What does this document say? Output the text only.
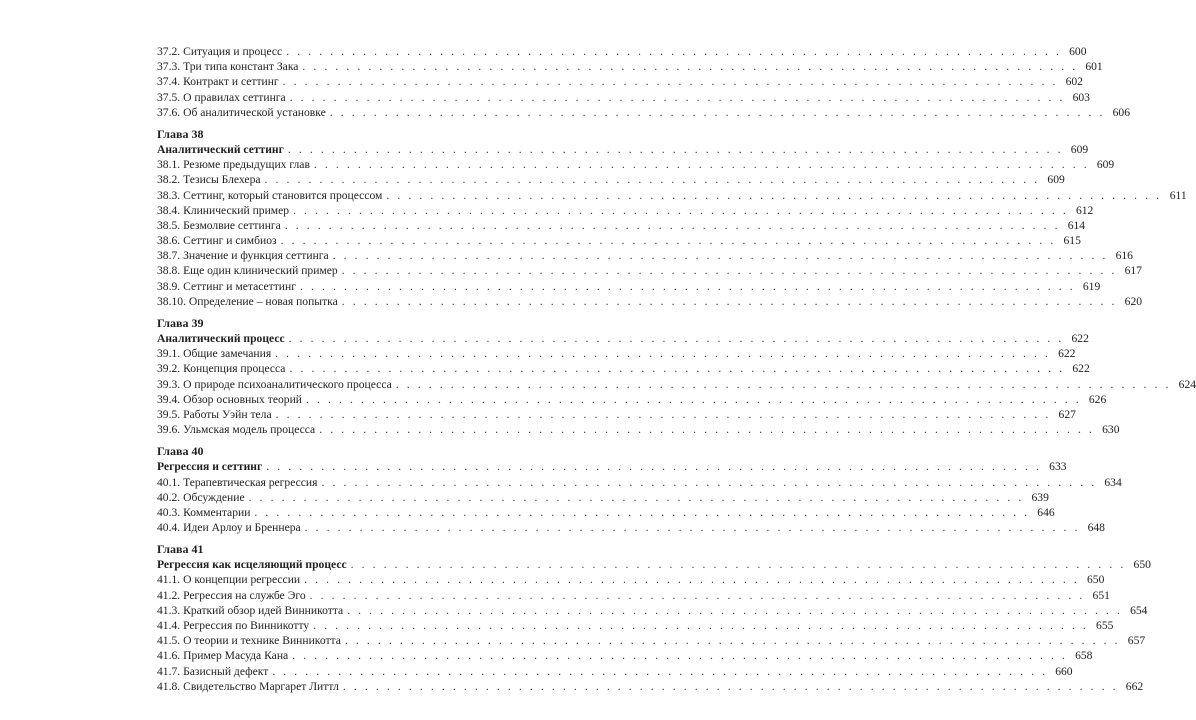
37.2. Ситуация и процесс . . . . . . . . . . . . . . . . . . . . . . . . . . . . . . . . . . . . . . . . . . . . . . . . . . . . . . . . . . . . . . . . . . . . . . . 600
37.3. Три типа констант Зака . . . . . . . . . . . . . . . . . . . . . . . . . . . . . . . . . . . . . . . . . . . . . . . . . . . . . . . . . . . . . . . . . . . . . . . 601
37.4. Контракт и сеттинг . . . . . . . . . . . . . . . . . . . . . . . . . . . . . . . . . . . . . . . . . . . . . . . . . . . . . . . . . . . . . . . . . . . . . . . 602
37.5. О правилах сеттинга . . . . . . . . . . . . . . . . . . . . . . . . . . . . . . . . . . . . . . . . . . . . . . . . . . . . . . . . . . . . . . . . . . . . . . . 603
37.6. Об аналитической установке . . . . . . . . . . . . . . . . . . . . . . . . . . . . . . . . . . . . . . . . . . . . . . . . . . . . . . . . . . . . . . . . . . . . . . . 606
Глава 38
Аналитический сеттинг . . . . . . . . . . . . . . . . . . . . . . . . . . . . . . . . . . . . . . . . . . . . . . . . . . . . . . . . . . . . . . . . . . . . . . . 609
38.1. Резюме предыдущих глав . . . . . . . . . . . . . . . . . . . . . . . . . . . . . . . . . . . . . . . . . . . . . . . . . . . . . . . . . . . . . . . . . . . . . . . 609
38.2. Тезисы Блехера . . . . . . . . . . . . . . . . . . . . . . . . . . . . . . . . . . . . . . . . . . . . . . . . . . . . . . . . . . . . . . . . . . . . . . . 609
38.3. Сеттинг, который становится процессом . . . . . . . . . . . . . . . . . . . . . . . . . . . . . . . . . . . . . . . . . . . . . . . . . . . . . . . . . . . . . . . . . . . . . . . 611
38.4. Клинический пример . . . . . . . . . . . . . . . . . . . . . . . . . . . . . . . . . . . . . . . . . . . . . . . . . . . . . . . . . . . . . . . . . . . . . . . 612
38.5. Безмолвие сеттинга . . . . . . . . . . . . . . . . . . . . . . . . . . . . . . . . . . . . . . . . . . . . . . . . . . . . . . . . . . . . . . . . . . . . . . . 614
38.6. Сеттинг и симбиоз . . . . . . . . . . . . . . . . . . . . . . . . . . . . . . . . . . . . . . . . . . . . . . . . . . . . . . . . . . . . . . . . . . . . . . . 615
38.7. Значение и функция сеттинга . . . . . . . . . . . . . . . . . . . . . . . . . . . . . . . . . . . . . . . . . . . . . . . . . . . . . . . . . . . . . . . . . . . . . . . 616
38.8. Еще один клинический пример . . . . . . . . . . . . . . . . . . . . . . . . . . . . . . . . . . . . . . . . . . . . . . . . . . . . . . . . . . . . . . . . . . . . . . . 617
38.9. Сеттинг и метасеттинг . . . . . . . . . . . . . . . . . . . . . . . . . . . . . . . . . . . . . . . . . . . . . . . . . . . . . . . . . . . . . . . . . . . . . . . 619
38.10. Определение – новая попытка . . . . . . . . . . . . . . . . . . . . . . . . . . . . . . . . . . . . . . . . . . . . . . . . . . . . . . . . . . . . . . . . . . . . . . . 620
Глава 39
Аналитический процесс . . . . . . . . . . . . . . . . . . . . . . . . . . . . . . . . . . . . . . . . . . . . . . . . . . . . . . . . . . . . . . . . . . . . . . . 622
39.1. Общие замечания . . . . . . . . . . . . . . . . . . . . . . . . . . . . . . . . . . . . . . . . . . . . . . . . . . . . . . . . . . . . . . . . . . . . . . . 622
39.2. Концепция процесса . . . . . . . . . . . . . . . . . . . . . . . . . . . . . . . . . . . . . . . . . . . . . . . . . . . . . . . . . . . . . . . . . . . . . . . 622
39.3. О природе психоаналитического процесса . . . . . . . . . . . . . . . . . . . . . . . . . . . . . . . . . . . . . . . . . . . . . . . . . . . . . . . . . . . . . . . . . . . . . . . 624
39.4. Обзор основных теорий . . . . . . . . . . . . . . . . . . . . . . . . . . . . . . . . . . . . . . . . . . . . . . . . . . . . . . . . . . . . . . . . . . . . . . . 626
39.5. Работы Уэйн тела . . . . . . . . . . . . . . . . . . . . . . . . . . . . . . . . . . . . . . . . . . . . . . . . . . . . . . . . . . . . . . . . . . . . . . . 627
39.6. Ульмская модель процесса . . . . . . . . . . . . . . . . . . . . . . . . . . . . . . . . . . . . . . . . . . . . . . . . . . . . . . . . . . . . . . . . . . . . . . . 630
Глава 40
Регрессия и сеттинг . . . . . . . . . . . . . . . . . . . . . . . . . . . . . . . . . . . . . . . . . . . . . . . . . . . . . . . . . . . . . . . . . . . . . . . 633
40.1. Терапевтическая регрессия . . . . . . . . . . . . . . . . . . . . . . . . . . . . . . . . . . . . . . . . . . . . . . . . . . . . . . . . . . . . . . . . . . . . . . . 634
40.2. Обсуждение . . . . . . . . . . . . . . . . . . . . . . . . . . . . . . . . . . . . . . . . . . . . . . . . . . . . . . . . . . . . . . . . . . . . . . . 639
40.3. Комментарии . . . . . . . . . . . . . . . . . . . . . . . . . . . . . . . . . . . . . . . . . . . . . . . . . . . . . . . . . . . . . . . . . . . . . . . 646
40.4. Идеи Арлоу и Бреннера . . . . . . . . . . . . . . . . . . . . . . . . . . . . . . . . . . . . . . . . . . . . . . . . . . . . . . . . . . . . . . . . . . . . . . . 648
Глава 41
Регрессия как исцеляющий процесс . . . . . . . . . . . . . . . . . . . . . . . . . . . . . . . . . . . . . . . . . . . . . . . . . . . . . . . . . . . . . . . . . . . . . . . 650
41.1. О концепции регрессии . . . . . . . . . . . . . . . . . . . . . . . . . . . . . . . . . . . . . . . . . . . . . . . . . . . . . . . . . . . . . . . . . . . . . . . 650
41.2. Регрессия на службе Эго . . . . . . . . . . . . . . . . . . . . . . . . . . . . . . . . . . . . . . . . . . . . . . . . . . . . . . . . . . . . . . . . . . . . . . . 651
41.3. Краткий обзор идей Винникотта . . . . . . . . . . . . . . . . . . . . . . . . . . . . . . . . . . . . . . . . . . . . . . . . . . . . . . . . . . . . . . . . . . . . . . . 654
41.4. Регрессия по Винникотту . . . . . . . . . . . . . . . . . . . . . . . . . . . . . . . . . . . . . . . . . . . . . . . . . . . . . . . . . . . . . . . . . . . . . . . 655
41.5. О теории и технике Винникотта . . . . . . . . . . . . . . . . . . . . . . . . . . . . . . . . . . . . . . . . . . . . . . . . . . . . . . . . . . . . . . . . . . . . . . . 657
41.6. Пример Масуда Кана . . . . . . . . . . . . . . . . . . . . . . . . . . . . . . . . . . . . . . . . . . . . . . . . . . . . . . . . . . . . . . . . . . . . . . . 658
41.7. Базисный дефект . . . . . . . . . . . . . . . . . . . . . . . . . . . . . . . . . . . . . . . . . . . . . . . . . . . . . . . . . . . . . . . . . . . . . . . 660
41.8. Свидетельство Маргарет Литтл . . . . . . . . . . . . . . . . . . . . . . . . . . . . . . . . . . . . . . . . . . . . . . . . . . . . . . . . . . . . . . . . . . . . . . . 662
